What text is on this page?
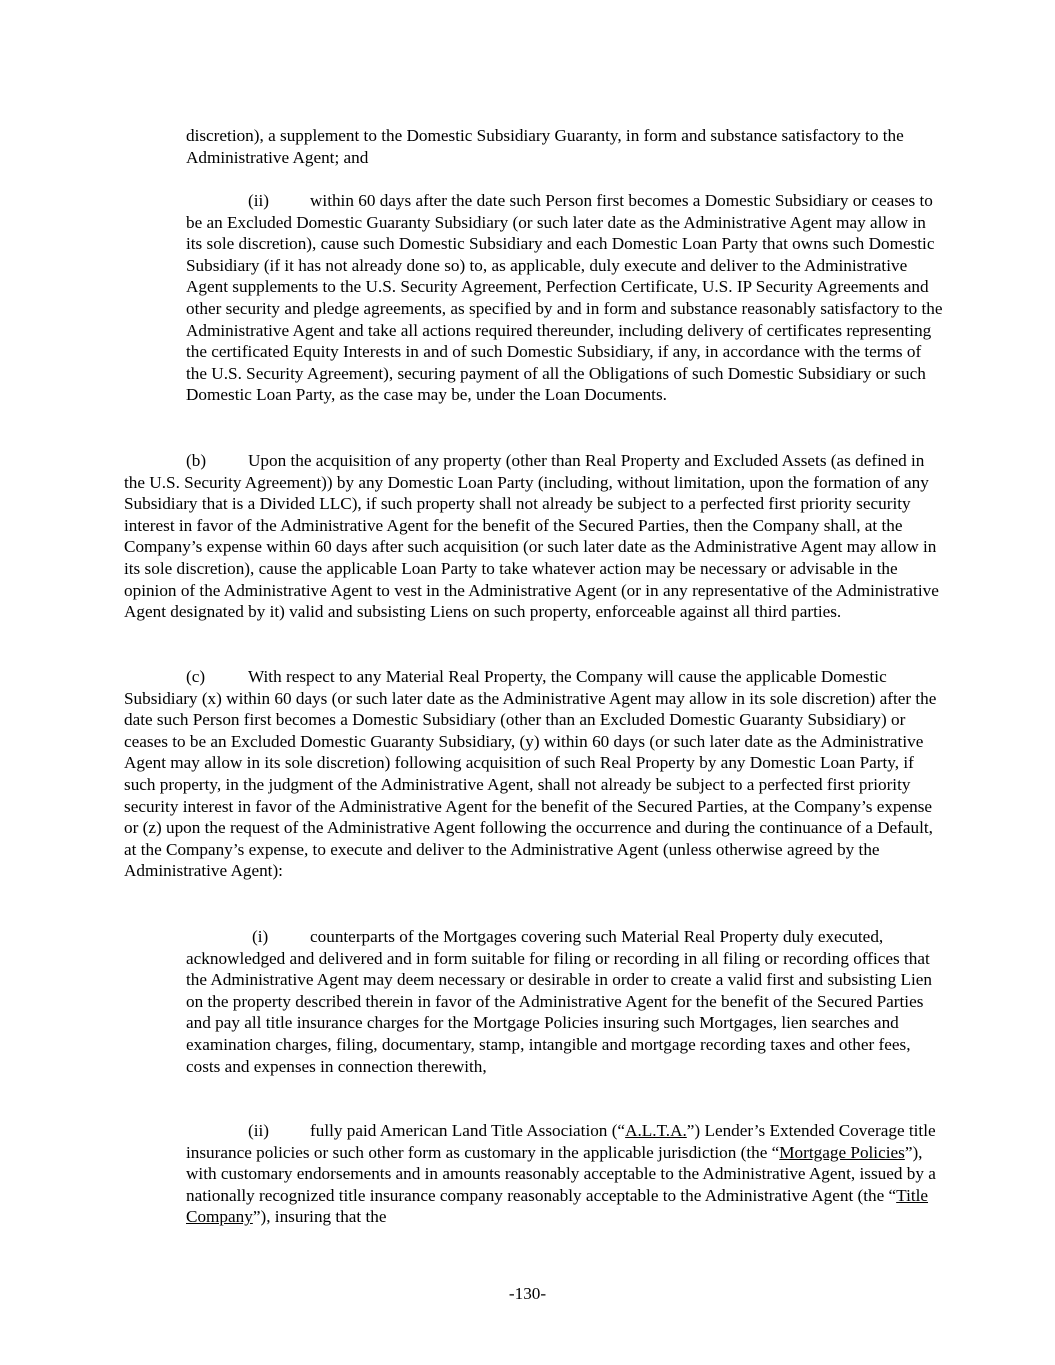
discretion), a supplement to the Domestic Subsidiary Guaranty, in form and substance satisfactory to the Administrative Agent; and

(ii) within 60 days after the date such Person first becomes a Domestic Subsidiary or ceases to be an Excluded Domestic Guaranty Subsidiary (or such later date as the Administrative Agent may allow in its sole discretion), cause such Domestic Subsidiary and each Domestic Loan Party that owns such Domestic Subsidiary (if it has not already done so) to, as applicable, duly execute and deliver to the Administrative Agent supplements to the U.S. Security Agreement, Perfection Certificate, U.S. IP Security Agreements and other security and pledge agreements, as specified by and in form and substance reasonably satisfactory to the Administrative Agent and take all actions required thereunder, including delivery of certificates representing the certificated Equity Interests in and of such Domestic Subsidiary, if any, in accordance with the terms of the U.S. Security Agreement), securing payment of all the Obligations of such Domestic Subsidiary or such Domestic Loan Party, as the case may be, under the Loan Documents.

(b) Upon the acquisition of any property (other than Real Property and Excluded Assets (as defined in the U.S. Security Agreement)) by any Domestic Loan Party (including, without limitation, upon the formation of any Subsidiary that is a Divided LLC), if such property shall not already be subject to a perfected first priority security interest in favor of the Administrative Agent for the benefit of the Secured Parties, then the Company shall, at the Company’s expense within 60 days after such acquisition (or such later date as the Administrative Agent may allow in its sole discretion), cause the applicable Loan Party to take whatever action may be necessary or advisable in the opinion of the Administrative Agent to vest in the Administrative Agent (or in any representative of the Administrative Agent designated by it) valid and subsisting Liens on such property, enforceable against all third parties.

(c) With respect to any Material Real Property, the Company will cause the applicable Domestic Subsidiary (x) within 60 days (or such later date as the Administrative Agent may allow in its sole discretion) after the date such Person first becomes a Domestic Subsidiary (other than an Excluded Domestic Guaranty Subsidiary) or ceases to be an Excluded Domestic Guaranty Subsidiary, (y) within 60 days (or such later date as the Administrative Agent may allow in its sole discretion) following acquisition of such Real Property by any Domestic Loan Party, if such property, in the judgment of the Administrative Agent, shall not already be subject to a perfected first priority security interest in favor of the Administrative Agent for the benefit of the Secured Parties, at the Company’s expense or (z) upon the request of the Administrative Agent following the occurrence and during the continuance of a Default, at the Company’s expense, to execute and deliver to the Administrative Agent (unless otherwise agreed by the Administrative Agent):

(i) counterparts of the Mortgages covering such Material Real Property duly executed, acknowledged and delivered and in form suitable for filing or recording in all filing or recording offices that the Administrative Agent may deem necessary or desirable in order to create a valid first and subsisting Lien on the property described therein in favor of the Administrative Agent for the benefit of the Secured Parties and pay all title insurance charges for the Mortgage Policies insuring such Mortgages, lien searches and examination charges, filing, documentary, stamp, intangible and mortgage recording taxes and other fees, costs and expenses in connection therewith,

(ii) fully paid American Land Title Association (“A.L.T.A.”) Lender’s Extended Coverage title insurance policies or such other form as customary in the applicable jurisdiction (the “Mortgage Policies”), with customary endorsements and in amounts reasonably acceptable to the Administrative Agent, issued by a nationally recognized title insurance company reasonably acceptable to the Administrative Agent (the “Title Company”), insuring that the

-130-
